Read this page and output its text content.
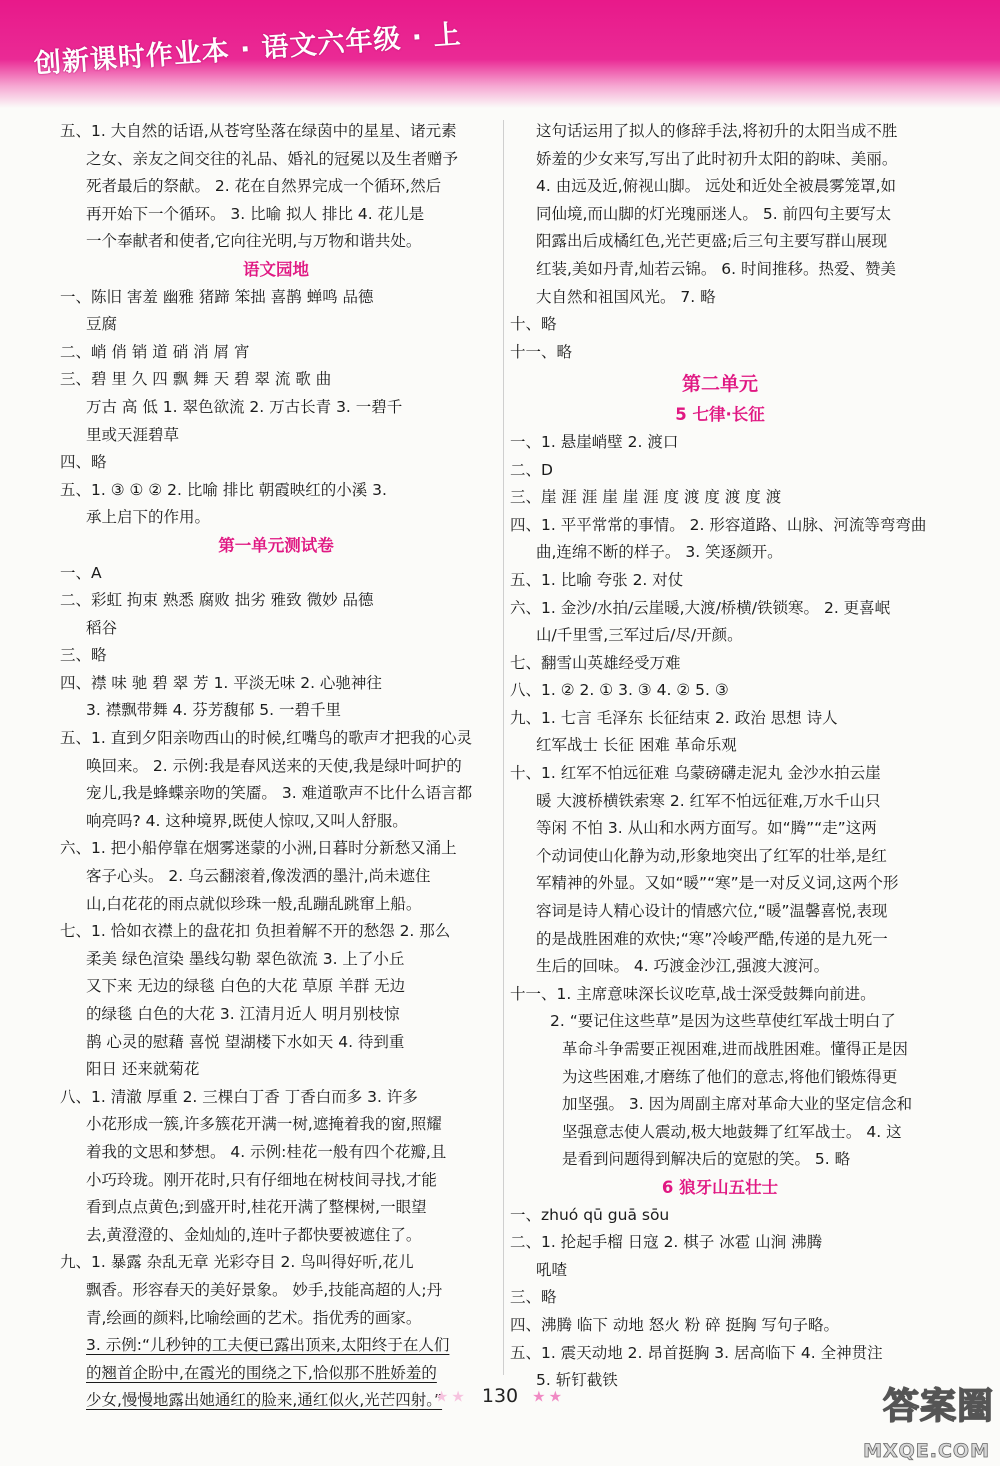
创新课时作业本 · 语文六年级 · 上
五、1. 大自然的话语,从苍穹坠落在绿茵中的星星、诸元素
之女、亲友之间交往的礼品、婚礼的冠冕以及生者赠予
死者最后的祭献。 2. 花在自然界完成一个循环,然后
再开始下一个循环。 3. 比喻 拟人 排比 4. 花儿是
一个奉献者和使者,它向往光明,与万物和谐共处。
语文园地
一、陈旧 害羞 幽雅 猪蹄 笨拙 喜鹊 蝉鸣 品德
豆腐
二、峭 俏 销 道 硝 消 屑 宵
三、碧 里 久 四 飘 舞 天 碧 翠 流 歌 曲
万古 高 低 1. 翠色欲流 2. 万古长青 3. 一碧千
里或天涯碧草
四、略
五、1. ③ ① ② 2. 比喻 排比 朝霞映红的小溪 3.
承上启下的作用。
第一单元测试卷
一、A
二、彩虹 拘束 熟悉 腐败 拙劣 雅致 微妙 品德
稻谷
三、略
四、襟 味 驰 碧 翠 芳 1. 平淡无味 2. 心驰神往
3. 襟飘带舞 4. 芬芳馥郁 5. 一碧千里
五、1. 直到夕阳亲吻西山的时候,红嘴鸟的歌声才把我的心灵
唤回来。 2. 示例:我是春风送来的天使,我是绿叶呵护的
宠儿,我是蜂蝶亲吻的笑靥。 3. 难道歌声不比什么语言都
响亮吗? 4. 这种境界,既使人惊叹,又叫人舒服。
六、1. 把小船停靠在烟雾迷蒙的小洲,日暮时分新愁又涌上
客子心头。 2. 乌云翻滚着,像泼洒的墨汁,尚未遮住
山,白花花的雨点就似珍珠一般,乱蹦乱跳窜上船。
七、1. 恰如衣襟上的盘花扣 负担着解不开的愁怨 2. 那么
柔美 绿色渲染 墨线勾勒 翠色欲流 3. 上了小丘
又下来 无边的绿毯 白色的大花 草原 羊群 无边
的绿毯 白色的大花 3. 江清月近人 明月别枝惊
鹊 心灵的慰藉 喜悦 望湖楼下水如天 4. 待到重
阳日 还来就菊花
八、1. 清澈 厚重 2. 三棵白丁香 丁香白而多 3. 许多
小花形成一簇,许多簇花开满一树,遮掩着我的窗,照耀
着我的文思和梦想。 4. 示例:桂花一般有四个花瓣,且
小巧玲珑。刚开花时,只有仔细地在树枝间寻找,才能
看到点点黄色;到盛开时,桂花开满了整棵树,一眼望
去,黄澄澄的、金灿灿的,连叶子都快要被遮住了。
九、1. 暴露 杂乱无章 光彩夺目 2. 鸟叫得好听,花儿
飘香。形容春天的美好景象。 妙手,技能高超的人;丹
青,绘画的颜料,比喻绘画的艺术。指优秀的画家。
3. 示例:“儿秒钟的工夫便已露出顶来,太阳终于在人们
的翘首企盼中,在霞光的围绕之下,恰似那不胜娇羞的
少女,慢慢地露出她通红的脸来,通红似火,光芒四射。”
这句话运用了拟人的修辞手法,将初升的太阳当成不胜
娇羞的少女来写,写出了此时初升太阳的韵味、美丽。
4. 由远及近,俯视山脚。 远处和近处全被晨雾笼罩,如
同仙境,而山脚的灯光瑰丽迷人。 5. 前四句主要写太
阳露出后成橘红色,光芒更盛;后三句主要写群山展现
红装,美如丹青,灿若云锦。 6. 时间推移。热爱、赞美
大自然和祖国风光。 7. 略
十、略
十一、略
第二单元
5 七律·长征
一、1. 悬崖峭壁 2. 渡口
二、D
三、崖 涯 涯 崖 崖 涯 度 渡 度 渡 度 渡
四、1. 平平常常的事情。 2. 形容道路、山脉、河流等弯弯曲
曲,连绵不断的样子。 3. 笑逐颜开。
五、1. 比喻 夸张 2. 对仗
六、1. 金沙/水拍/云崖暖,大渡/桥横/铁锁寒。 2. 更喜岷
山/千里雪,三军过后/尽/开颜。
七、翻雪山英雄经受万难
八、1. ② 2. ① 3. ③ 4. ② 5. ③
九、1. 七言 毛泽东 长征结束 2. 政治 思想 诗人
红军战士 长征 困难 革命乐观
十、1. 红军不怕远征难 乌蒙磅礴走泥丸 金沙水拍云崖
暖 大渡桥横铁索寒 2. 红军不怕远征难,万水千山只
等闲 不怕 3. 从山和水两方面写。如“腾”“走”这两
个动词使山化静为动,形象地突出了红军的壮举,是红
军精神的外显。又如“暖”“寒”是一对反义词,这两个形
容词是诗人精心设计的情感穴位,“暖”温馨喜悦,表现
的是战胜困难的欢快;“寒”冷峻严酷,传递的是九死一
生后的回味。 4. 巧渡金沙江,强渡大渡河。
十一、1. 主席意味深长议吃草,战士深受鼓舞向前进。
2. “要记住这些草”是因为这些草使红军战士明白了
革命斗争需要正视困难,进而战胜困难。懂得正是因
为这些困难,才磨练了他们的意志,将他们锻炼得更
加坚强。 3. 因为周副主席对革命大业的坚定信念和
坚强意志使人震动,极大地鼓舞了红军战士。 4. 这
是看到问题得到解决后的宽慰的笑。 5. 略
6 狼牙山五壮士
一、zhuó qū guā sōu
二、1. 抡起手榴 日寇 2. 棋子 冰雹 山涧 沸腾
吼喳
三、略
四、沸腾 临下 动地 怒火 粉 碎 挺胸 写句子略。
五、1. 震天动地 2. 昂首挺胸 3. 居高临下 4. 全神贯注
5. 斩钉截铁
★★ 130 ★★	答案圈
MXQE.COM
